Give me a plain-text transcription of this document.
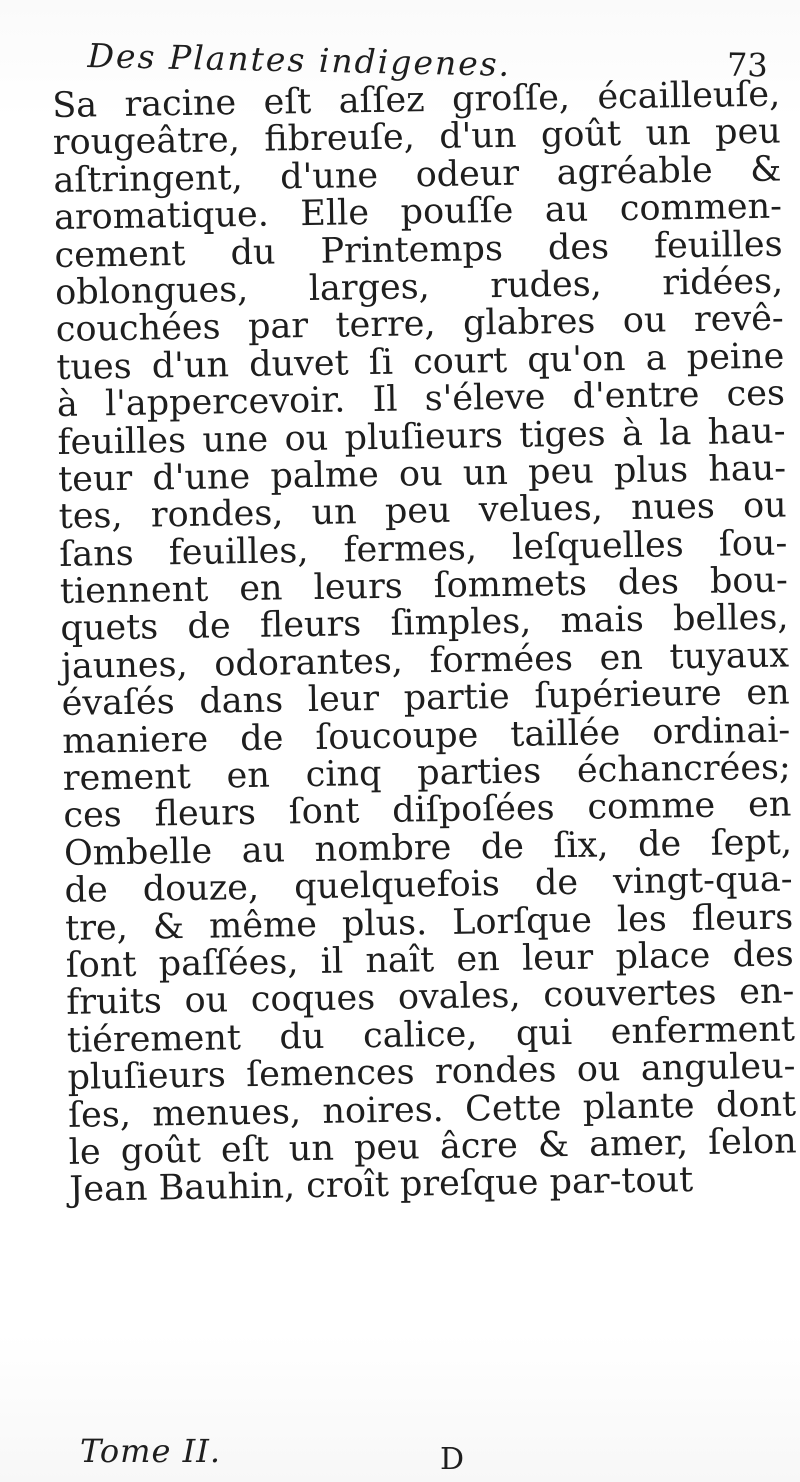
Des Plantes indigenes.	73
Sa racine eſt aſſez groſſe, écailleuſe,
rougeâtre, fibreuſe, d'un goût un peu
aſtringent, d'une odeur agréable &
aromatique. Elle pouſſe au commen-
cement du Printemps des feuilles
oblongues, larges, rudes, ridées,
couchées par terre, glabres ou revê-
tues d'un duvet ſi court qu'on a peine
à l'appercevoir. Il s'éleve d'entre ces
feuilles une ou pluſieurs tiges à la hau-
teur d'une palme ou un peu plus hau-
tes, rondes, un peu velues, nues ou
ſans feuilles, fermes, leſquelles ſou-
tiennent en leurs ſommets des bou-
quets de fleurs ſimples, mais belles,
jaunes, odorantes, formées en tuyaux
évaſés dans leur partie ſupérieure en
maniere de ſoucoupe taillée ordinai-
rement en cinq parties échancrées;
ces fleurs ſont diſpoſées comme en
Ombelle au nombre de ſix, de ſept,
de douze, quelquefois de vingt-qua-
tre, & même plus. Lorſque les fleurs
ſont paſſées, il naît en leur place des
fruits ou coques ovales, couvertes en-
tiérement du calice, qui enferment
pluſieurs ſemences rondes ou anguleu-
ſes, menues, noires. Cette plante dont
le goût eſt un peu âcre & amer, ſelon
Jean Bauhin, croît preſque par-tout
Tome II.	D
